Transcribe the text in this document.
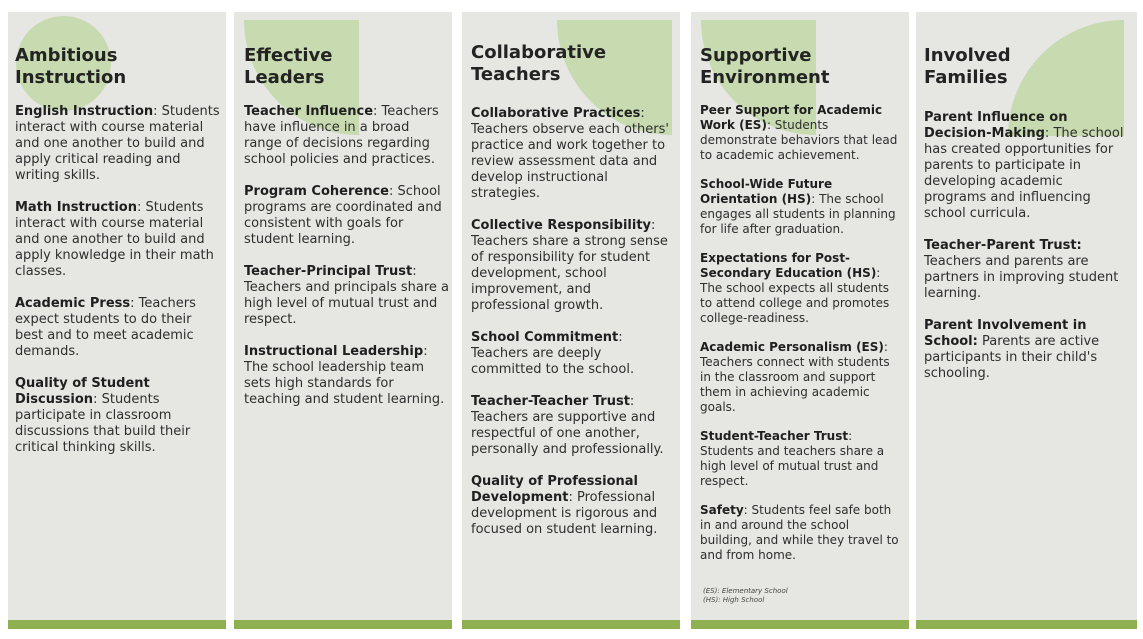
Ambitious
Instruction

English Instruction: Students interact with course material and one another to build and apply critical reading and writing skills.

Math Instruction: Students interact with course material and one another to build and apply knowledge in their math classes.

Academic Press: Teachers expect students to do their best and to meet academic demands.

Quality of Student Discussion: Students participate in classroom discussions that build their critical thinking skills.

Effective
Leaders

Teacher Influence: Teachers have influence in a broad range of decisions regarding school policies and practices.

Program Coherence: School programs are coordinated and consistent with goals for student learning.

Teacher-Principal Trust: Teachers and principals share a high level of mutual trust and respect.

Instructional Leadership: The school leadership team sets high standards for teaching and student learning.

Collaborative
Teachers

Collaborative Practices: Teachers observe each others' practice and work together to review assessment data and develop instructional strategies.

Collective Responsibility: Teachers share a strong sense of responsibility for student development, school improvement, and professional growth.

School Commitment: Teachers are deeply committed to the school.

Teacher-Teacher Trust: Teachers are supportive and respectful of one another, personally and professionally.

Quality of Professional Development: Professional development is rigorous and focused on student learning.

Supportive
Environment

Peer Support for Academic Work (ES): Students demonstrate behaviors that lead to academic achievement.

School-Wide Future Orientation (HS): The school engages all students in planning for life after graduation.

Expectations for Post-Secondary Education (HS): The school expects all students to attend college and promotes college-readiness.

Academic Personalism (ES): Teachers connect with students in the classroom and support them in achieving academic goals.

Student-Teacher Trust: Students and teachers share a high level of mutual trust and respect.

Safety: Students feel safe both in and around the school building, and while they travel to and from home.

(ES): Elementary School
(HS): High School
Involved
Families

Parent Influence on Decision-Making: The school has created opportunities for parents to participate in developing academic programs and influencing school curricula.

Teacher-Parent Trust: Teachers and parents are partners in improving student learning.

Parent Involvement in School: Parents are active participants in their child's schooling.
